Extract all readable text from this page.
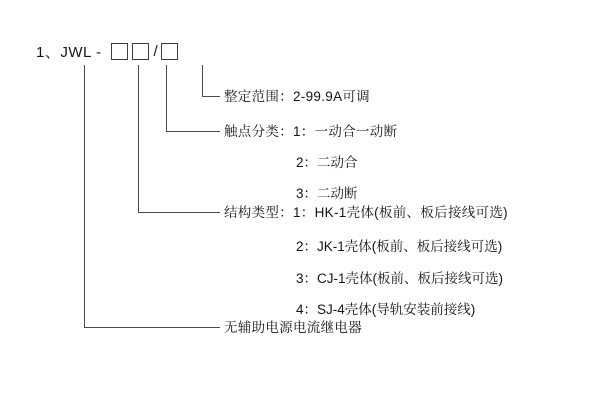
1、JWL -	/
整定范围：2-99.9A可调
触点分类：1：一动合一动断
2：二动合
3：二动断
结构类型：1：HK-1壳体(板前、板后接线可选)
2：JK-1壳体(板前、板后接线可选)
3：CJ-1壳体(板前、板后接线可选)
4：SJ-4壳体(导轨安装前接线)
无辅助电源电流继电器
